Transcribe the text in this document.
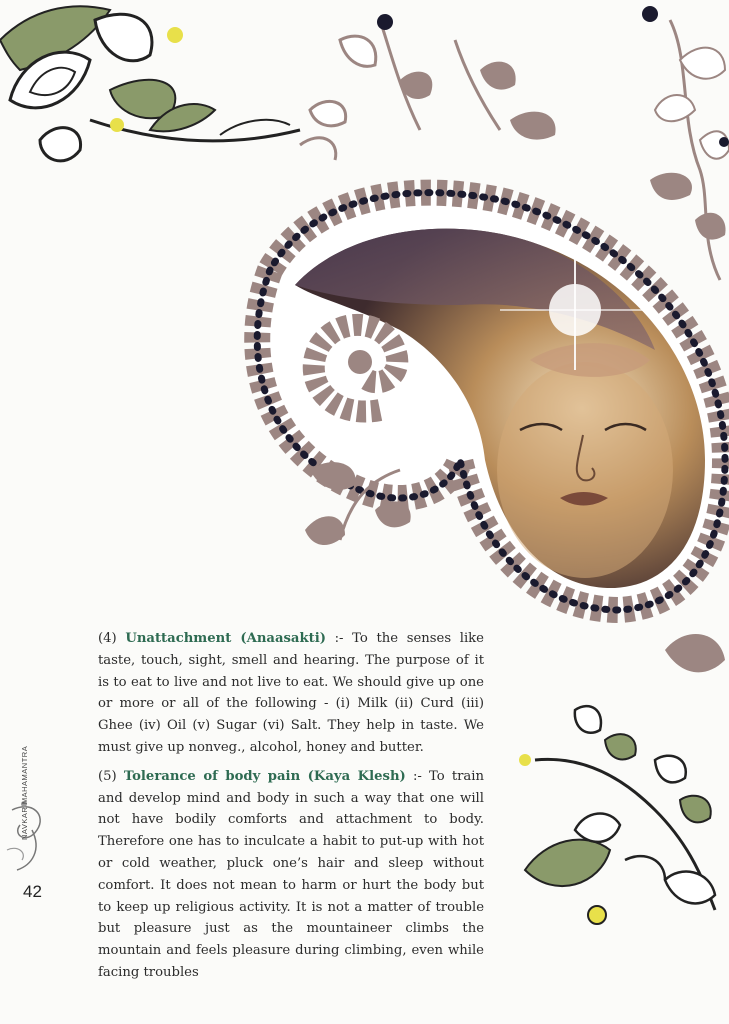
(4) Unattachment (Anaasakti) :- To the senses like taste, touch, sight, smell and hearing. The purpose of it is to eat to live and not live to eat. We should give up one or more or all of the following - (i) Milk (ii) Curd (iii) Ghee (iv) Oil (v) Sugar (vi) Salt. They help in taste. We must give up nonveg., alcohol, honey and butter.

(5) Tolerance of body pain (Kaya Klesh) :- To train and develop mind and body in such a way that one will not have bodily comforts and attachment to body. Therefore one has to inculcate a habit to put-up with hot or cold weather, pluck one’s hair and sleep without comfort. It does not mean to harm or hurt the body but to keep up religious activity. It is not a matter of trouble but pleasure just as the mountaineer climbs the mountain and feels pleasure during climbing, even while facing troubles

NAVKAR MAHAMANTRA
42
